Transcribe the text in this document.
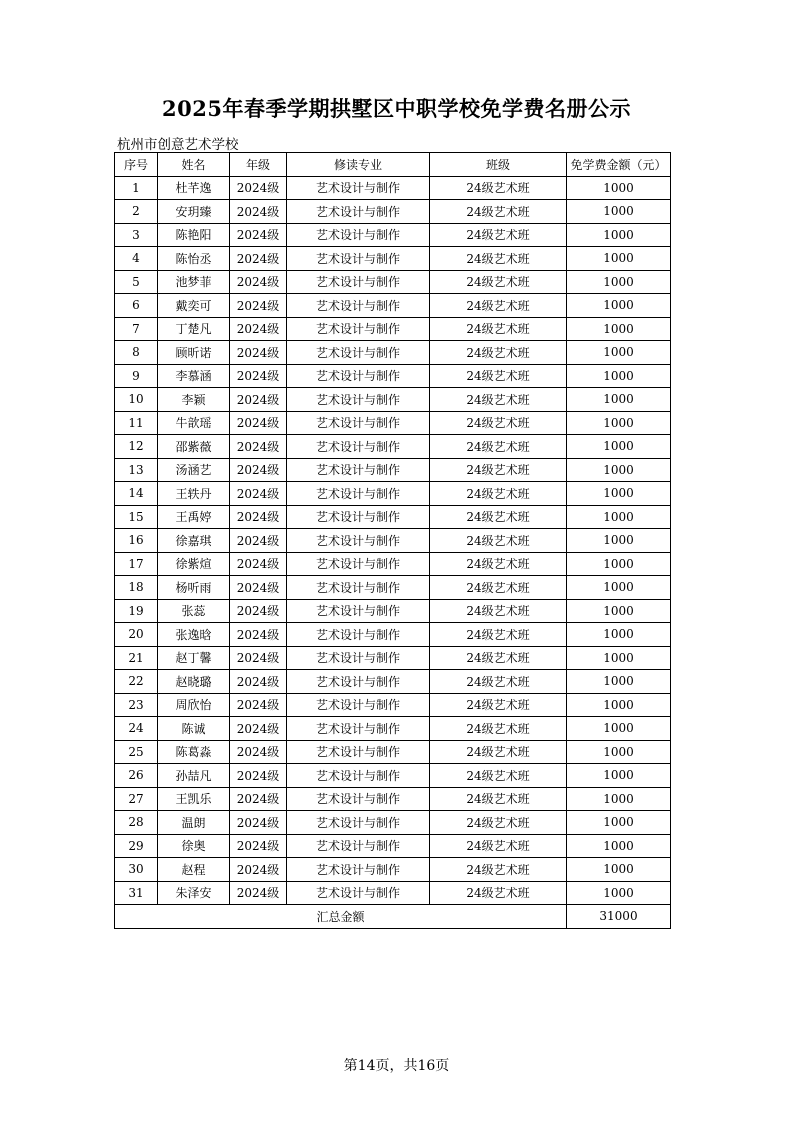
2025年春季学期拱墅区中职学校免学费名册公示
杭州市创意艺术学校
序号	姓名	年级	修读专业	班级	免学费金额（元）
1	杜芊逸	2024级	艺术设计与制作	24级艺术班	1000
2	安玥臻	2024级	艺术设计与制作	24级艺术班	1000
3	陈艳阳	2024级	艺术设计与制作	24级艺术班	1000
4	陈怡丞	2024级	艺术设计与制作	24级艺术班	1000
5	池梦菲	2024级	艺术设计与制作	24级艺术班	1000
6	戴奕可	2024级	艺术设计与制作	24级艺术班	1000
7	丁楚凡	2024级	艺术设计与制作	24级艺术班	1000
8	顾昕诺	2024级	艺术设计与制作	24级艺术班	1000
9	李慕涵	2024级	艺术设计与制作	24级艺术班	1000
10	李颖	2024级	艺术设计与制作	24级艺术班	1000
11	牛歆瑶	2024级	艺术设计与制作	24级艺术班	1000
12	邵紫薇	2024级	艺术设计与制作	24级艺术班	1000
13	汤涵艺	2024级	艺术设计与制作	24级艺术班	1000
14	王轶丹	2024级	艺术设计与制作	24级艺术班	1000
15	王禹婷	2024级	艺术设计与制作	24级艺术班	1000
16	徐嘉琪	2024级	艺术设计与制作	24级艺术班	1000
17	徐紫煊	2024级	艺术设计与制作	24级艺术班	1000
18	杨听雨	2024级	艺术设计与制作	24级艺术班	1000
19	张蕊	2024级	艺术设计与制作	24级艺术班	1000
20	张逸晗	2024级	艺术设计与制作	24级艺术班	1000
21	赵丁馨	2024级	艺术设计与制作	24级艺术班	1000
22	赵晓璐	2024级	艺术设计与制作	24级艺术班	1000
23	周欣怡	2024级	艺术设计与制作	24级艺术班	1000
24	陈诚	2024级	艺术设计与制作	24级艺术班	1000
25	陈葛淼	2024级	艺术设计与制作	24级艺术班	1000
26	孙喆凡	2024级	艺术设计与制作	24级艺术班	1000
27	王凯乐	2024级	艺术设计与制作	24级艺术班	1000
28	温朗	2024级	艺术设计与制作	24级艺术班	1000
29	徐奥	2024级	艺术设计与制作	24级艺术班	1000
30	赵程	2024级	艺术设计与制作	24级艺术班	1000
31	朱泽安	2024级	艺术设计与制作	24级艺术班	1000
汇总金额					31000
第14页，共16页
